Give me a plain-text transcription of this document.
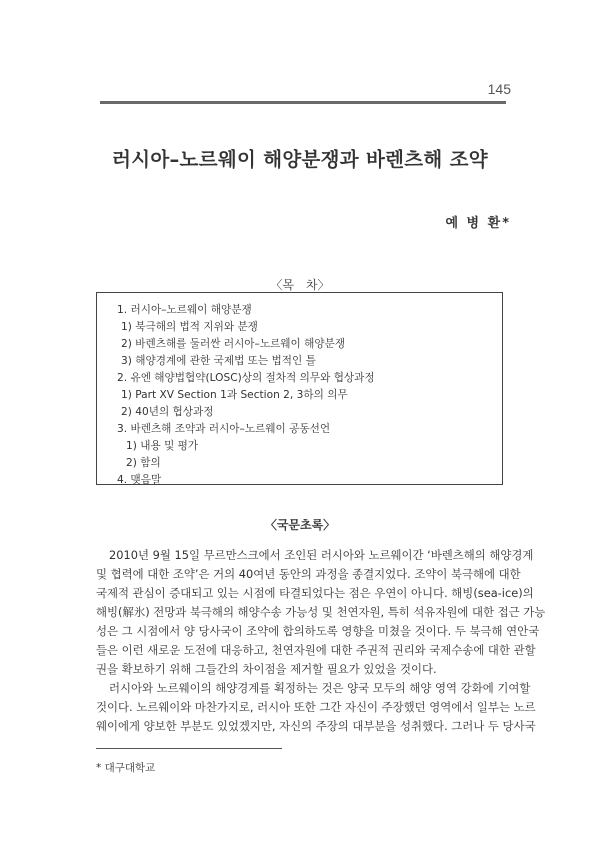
145
러시아–노르웨이 해양분쟁과 바렌츠해 조약
예 병 환*
〈목　차〉
1. 러시아–노르웨이 해양분쟁
1) 북극해의 법적 지위와 분쟁
2) 바렌츠해를 둘러싼 러시아–노르웨이 해양분쟁
3) 해양경계에 관한 국제법 또는 법적인 틀
2. 유엔 해양법협약(LOSC)상의 절차적 의무와 협상과정
1) Part XV Section 1과 Section 2, 3하의 의무
2) 40년의 협상과정
3. 바렌츠해 조약과 러시아–노르웨이 공동선언
1) 내용 및 평가
2) 함의
4. 맺음말
〈국문초록〉
2010년 9월 15일 무르만스크에서 조인된 러시아와 노르웨이간 ‘바렌츠해의 해양경계
및 협력에 대한 조약’은 거의 40여년 동안의 과정을 종결지었다. 조약이 북극해에 대한
국제적 관심이 증대되고 있는 시점에 타결되었다는 점은 우연이 아니다. 해빙(sea-ice)의
해빙(解氷) 전망과 북극해의 해양수송 가능성 및 천연자원, 특히 석유자원에 대한 접근 가능
성은 그 시점에서 양 당사국이 조약에 합의하도록 영향을 미쳤을 것이다. 두 북극해 연안국
들은 이런 새로운 도전에 대응하고, 천연자원에 대한 주권적 권리와 국제수송에 대한 관할
권을 확보하기 위해 그들간의 차이점을 제거할 필요가 있었을 것이다.
러시아와 노르웨이의 해양경계를 획정하는 것은 양국 모두의 해양 영역 강화에 기여할
것이다. 노르웨이와 마찬가지로, 러시아 또한 그간 자신이 주장했던 영역에서 일부는 노르
웨이에게 양보한 부분도 있었겠지만, 자신의 주장의 대부분을 성취했다. 그러나 두 당사국
* 대구대학교
